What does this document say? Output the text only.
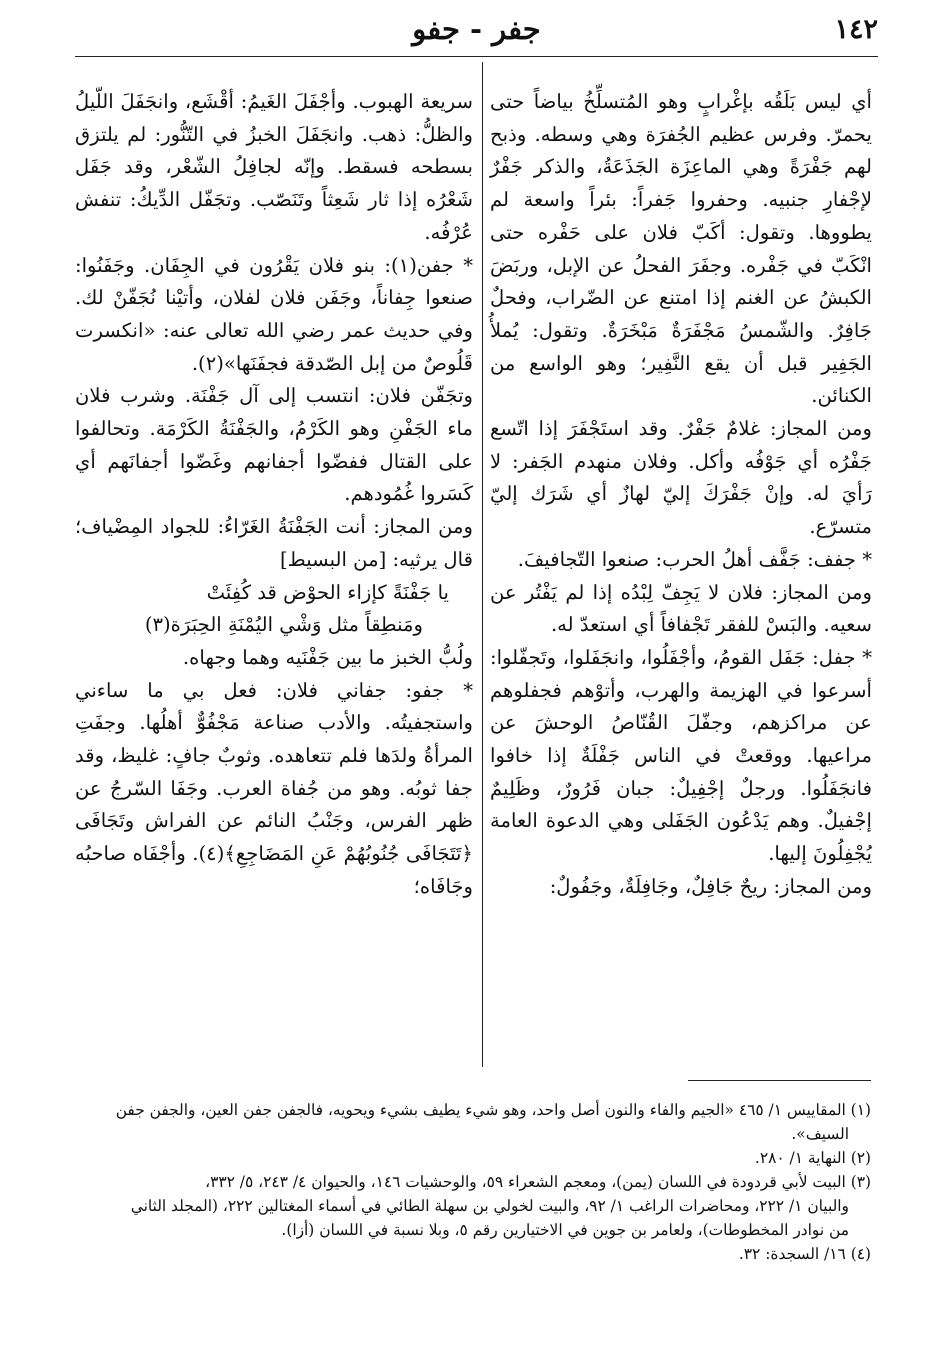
١٤٢
جفر - جفو

أي ليس بَلَقُه بإغْرابٍ وهو المُتسلِّخُ بياضاً حتى يحمرّ. وفرس عظيم الجُفرَة وهي وسطه. وذبح لهم جَفْرَةً وهي الماعِزَة الجَذَعَةُ، والذكر جَفْرٌ لإجْفارِ جنبيه. وحفروا جَفراً: بئراً واسعة لم يطووها. وتقول: أكَبّ فلان على حَفْره حتى انْكَبّ في جَفْره. وجفَرَ الفحلُ عن الإبل، وربَضَ الكبشُ عن الغنم إذا امتنع عن الضّراب، وفحلٌ جَافِرٌ. والشّمسُ مَجْفَرَةٌ مَبْخَرَةٌ. وتقول: يُملأُ الجَفِير قبل أن يقع النَّفِير؛ وهو الواسع من الكنائن.

ومن المجاز: غلامٌ جَفْرٌ. وقد استَجْفَرَ إذا اتّسع جَفْرُه أي جَوْفُه وأكل. وفلان منهدم الجَفر: لا رَأيَ له. وإنْ جَفْرَكَ إليّ لهازٌ أي شَرَك إليّ متسرّع.

* جفف: جَفَّف أهلُ الحرب: صنعوا التّجافيفَ.

ومن المجاز: فلان لا يَجِفّ لِبْدُه إذا لم يَفْتُر عن سعيه. والبَسْ للفقر تَجْفافاً أي استعدّ له.

* جفل: جَفَل القومُ، وأجْفَلُوا، وانجَفَلوا، وتَجفّلوا: أسرعوا في الهزيمة والهرب، وأتوْهم فجفلوهم عن مراكزهم، وجفّلَ القُنّاصُ الوحشَ عن مراعيها. ووقعتْ في الناس جَفْلَةٌ إذا خافوا فانجَفَلُوا. ورجلٌ إجْفِيلٌ: جبان فَرُورٌ، وظَلِيمٌ إجْفيلٌ. وهم يَدْعُون الجَفَلى وهي الدعوة العامة يُجْفِلُونَ إليها.

ومن المجاز: ريحٌ جَافِلٌ، وجَافِلَةٌ، وجَفُولٌ:

سريعة الهبوب. وأجْفَلَ الغَيمُ: أقْشَع، وانجَفَلَ اللّيلُ والظلُّ: ذهب. وانجَفَلَ الخبزُ في التّنُّور: لم يلتزق بسطحه فسقط. وإنّه لجافِلُ الشّعْر، وقد جَفَل شَعْرُه إذا ثار شَعِثاً وتَنَصّب. وتجَفّل الدِّيكُ: تنفش عُرْفُه.

* جفن(١): بنو فلان يَقْرُون في الجِفَان. وجَفَنُوا: صنعوا جِفاناً، وجَفَن فلان لفلان، وأتيْنا نُجَفّنْ لك. وفي حديث عمر رضي الله تعالى عنه: «انكسرت قَلُوصٌ من إبل الصّدقة فجفَنَها»(٢).

وتجَفّن فلان: انتسب إلى آل جَفْنَة. وشرب فلان ماء الجَفْنِ وهو الكَرْمُ، والجَفْنَةُ الكَرْمَة. وتحالفوا على القتال ففضّوا أجفانهم وغَضّوا أجفانَهم أي كَسَروا غُمُودهم.

ومن المجاز: أنت الجَفْنَةُ الغَرّاءُ: للجواد المِضْياف؛ قال يرثيه: [من البسيط]

يا جَفْنَةً كإزاء الحوْض قد كُفِئَتْ

ومَنطِقاً مثل وَشْي اليُمْنَةِ الحِبَرَة(٣)

ولُبُّ الخبز ما بين جَفْنَيه وهما وجهاه.

* جفو: جفاني فلان: فعل بي ما ساءني واستجفيتُه. والأدب صناعة مَجْفُوٌّ أهلُها. وجفَتِ المرأةُ ولدَها فلم تتعاهده. وثوبٌ جافٍ: غليظ، وقد جفا ثوبُه. وهو من جُفاة العرب. وجَفَا السّرجُ عن ظهر الفرس، وجَنْبُ النائم عن الفراش وتَجَافَى ﴿تَتَجَافَى جُنُوبُهُمْ عَنِ المَضَاجِعِ﴾(٤). وأجْفَاه صاحبُه وجَافَاه؛

(١) المقاييس ١/ ٤٦٥ «الجيم والفاء والنون أصل واحد، وهو شيء يطيف بشيء ويحويه، فالجفن جفن العين، والجفن جفن

السيف».

(٢) النهاية ١/ ٢٨٠.

(٣) البيت لأبي قردودة في اللسان (يمن)، ومعجم الشعراء ٥٩، والوحشيات ١٤٦، والحيوان ٤/ ٢٤٣، ٥/ ٣٣٢،

والبيان ١/ ٢٢٢، ومحاضرات الراغب ١/ ٩٢، والبيت لخولي بن سهلة الطائي في أسماء المغتالين ٢٢٢، (المجلد الثاني

من نوادر المخطوطات)، ولعامر بن جوين في الاختيارين رقم ٥، وبلا نسبة في اللسان (أزا).

(٤) ١٦/ السجدة: ٣٢.
